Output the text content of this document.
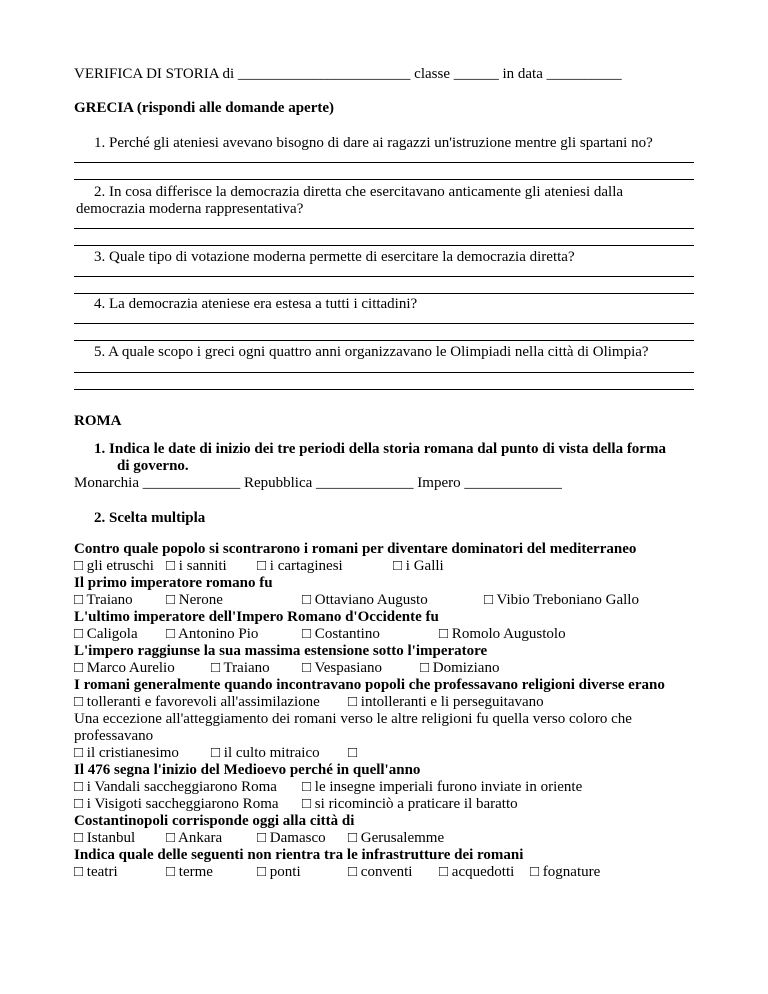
VERIFICA DI STORIA di _______________________ classe ______ in data __________
GRECIA (rispondi alle domande aperte)
1. Perché gli ateniesi avevano bisogno di dare ai ragazzi un'istruzione mentre gli spartani no?
2. In cosa differisce la democrazia diretta che esercitavano anticamente gli ateniesi dalla
democrazia moderna rappresentativa?
3. Quale tipo di votazione moderna permette di esercitare la democrazia diretta?
4. La democrazia ateniese era estesa a tutti i cittadini?
5. A quale scopo i greci ogni quattro anni organizzavano le Olimpiadi nella città di Olimpia?
ROMA
1. Indica le date di inizio dei tre periodi della storia romana dal punto di vista della forma
di governo.
Monarchia _____________ Repubblica _____________ Impero _____________
2. Scelta multipla
Contro quale popolo si scontrarono i romani per diventare dominatori del mediterraneo
□ gli etruschi □ i sanniti □ i cartaginesi	□ i Galli
Il primo imperatore romano fu
□ Traiano □ Nerone	□ Ottaviano Augusto	□ Vibio Treboniano Gallo
L'ultimo imperatore dell'Impero Romano d'Occidente fu
□ Caligola □ Antonino Pio	□ Costantino	□ Romolo Augustolo
L'impero raggiunse la sua massima estensione sotto l'imperatore
□ Marco Aurelio □ Traiano □ Vespasiano	□ Domiziano
I romani generalmente quando incontravano popoli che professavano religioni diverse erano
□ tolleranti e favorevoli all'assimilazione □ intolleranti e li perseguitavano
Una eccezione all'atteggiamento dei romani verso le altre religioni fu quella verso coloro che
professavano
□ il cristianesimo □ il culto mitraico □
Il 476 segna l'inizio del Medioevo perché in quell'anno
□ i Vandali saccheggiarono Roma □ le insegne imperiali furono inviate in oriente
□ i Visigoti saccheggiarono Roma □ si ricominciò a praticare il baratto
Costantinopoli corrisponde oggi alla città di
□ Istanbul □ Ankara □ Damasco □ Gerusalemme
Indica quale delle seguenti non rientra tra le infrastrutture dei romani
□ teatri	□ terme	□ ponti	□ conventi □ acquedotti □ fognature
